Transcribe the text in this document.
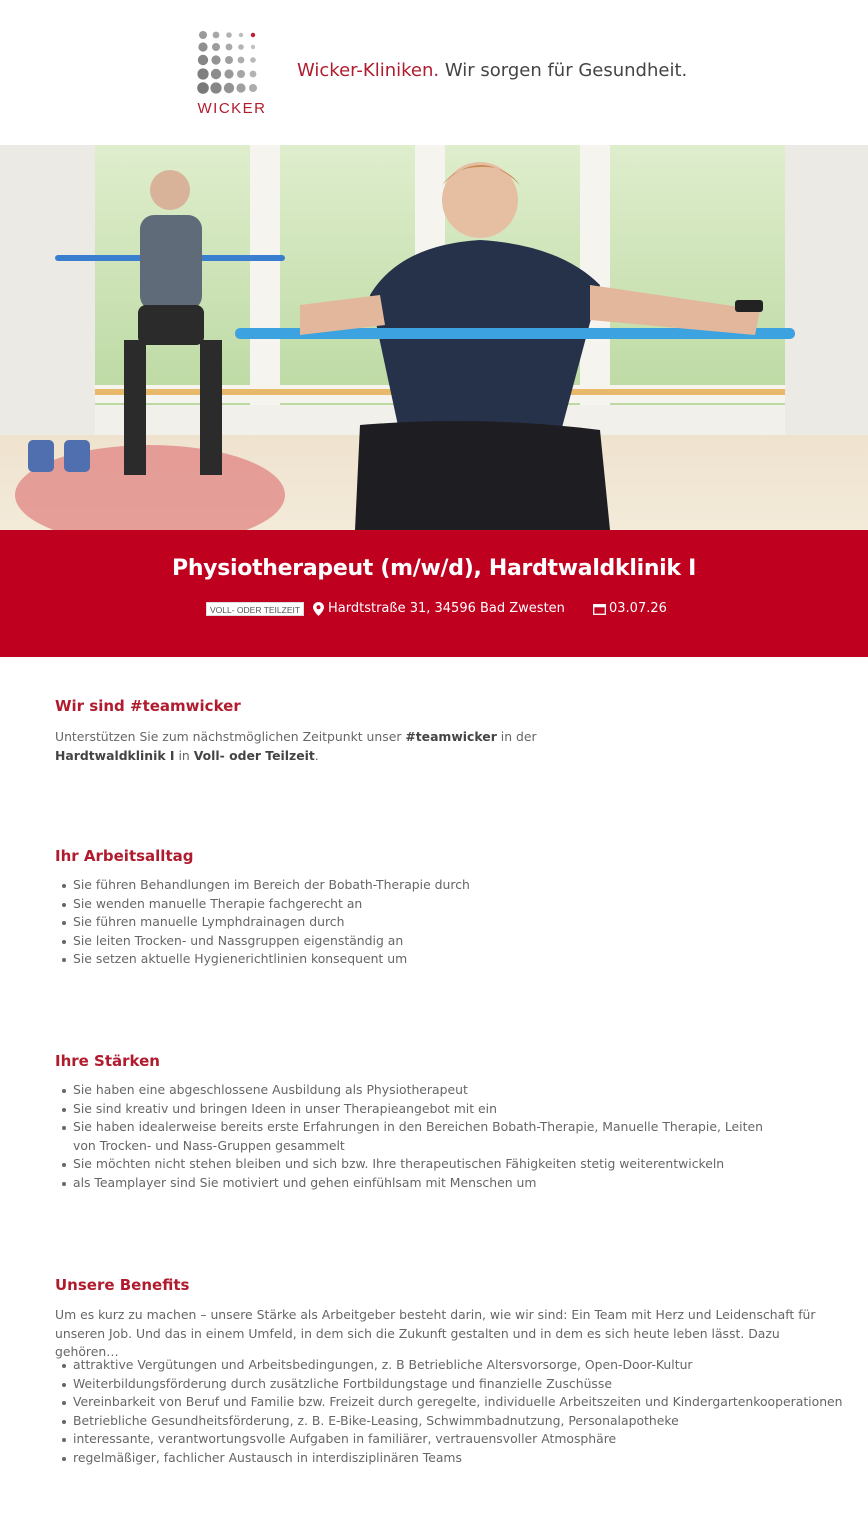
WICKER
Wicker-Kliniken. Wir sorgen für Gesundheit.
Physiotherapeut (m/w/d), Hardtwaldklinik I
VOLL- ODER TEILZEIT	Hardtstraße 31, 34596 Bad Zwesten	03.07.26
Wir sind #teamwicker

Unterstützen Sie zum nächstmöglichen Zeitpunkt unser #teamwicker in der
Hardtwaldklinik I in Voll- oder Teilzeit.

Ihr Arbeitsalltag
Sie führen Behandlungen im Bereich der Bobath-Therapie durch
Sie wenden manuelle Therapie fachgerecht an
Sie führen manuelle Lymphdrainagen durch
Sie leiten Trocken- und Nassgruppen eigenständig an
Sie setzen aktuelle Hygienerichtlinien konsequent um
Ihre Stärken
Sie haben eine abgeschlossene Ausbildung als Physiotherapeut
Sie sind kreativ und bringen Ideen in unser Therapieangebot mit ein
Sie haben idealerweise bereits erste Erfahrungen in den Bereichen Bobath-Therapie, Manuelle Therapie, Leiten von Trocken- und Nass-Gruppen gesammelt
Sie möchten nicht stehen bleiben und sich bzw. Ihre therapeutischen Fähigkeiten stetig weiterentwickeln
als Teamplayer sind Sie motiviert und gehen einfühlsam mit Menschen um
Unsere Benefits

Um es kurz zu machen – unsere Stärke als Arbeitgeber besteht darin, wie wir sind: Ein Team mit Herz und Leidenschaft für unseren Job. Und das in einem Umfeld, in dem sich die Zukunft gestalten und in dem es sich heute leben lässt. Dazu gehören…

attraktive Vergütungen und Arbeitsbedingungen, z. B Betriebliche Altersvorsorge, Open-Door-Kultur
Weiterbildungsförderung durch zusätzliche Fortbildungstage und finanzielle Zuschüsse
Vereinbarkeit von Beruf und Familie bzw. Freizeit durch geregelte, individuelle Arbeitszeiten und Kindergartenkooperationen
Betriebliche Gesundheitsförderung, z. B. E-Bike-Leasing, Schwimmbadnutzung, Personalapotheke
interessante, verantwortungsvolle Aufgaben in familiärer, vertrauensvoller Atmosphäre
regelmäßiger, fachlicher Austausch in interdisziplinären Teams
